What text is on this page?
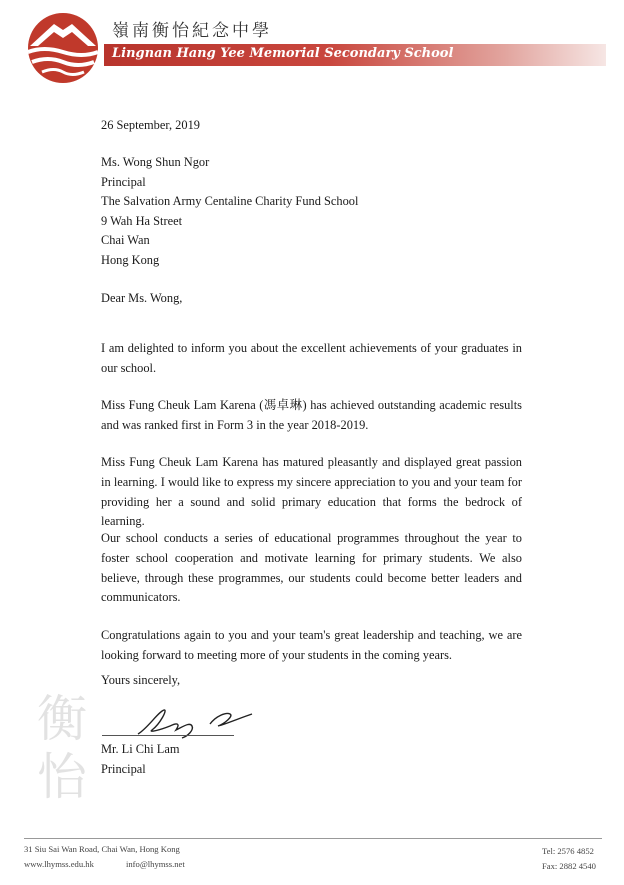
嶺南衡怡紀念中學
Lingnan Hang Yee Memorial Secondary School
衡
怡
26 September, 2019
Ms. Wong Shun Ngor
Principal
The Salvation Army Centaline Charity Fund School
9 Wah Ha Street
Chai Wan
Hong Kong
Dear Ms. Wong,

I am delighted to inform you about the excellent achievements of your graduates in our school.

Miss Fung Cheuk Lam Karena (馮卓琳) has achieved outstanding academic results and was ranked first in Form 3 in the year 2018-2019.

Miss Fung Cheuk Lam Karena has matured pleasantly and displayed great passion in learning. I would like to express my sincere appreciation to you and your team for providing her a sound and solid primary education that forms the bedrock of learning.

Our school conducts a series of educational programmes throughout the year to foster school cooperation and motivate learning for primary students. We also believe, through these programmes, our students could become better leaders and communicators.

Congratulations again to you and your team's great leadership and teaching, we are looking forward to meeting more of your students in the coming years.

Yours sincerely,
Mr. Li Chi Lam
Principal
31 Siu Sai Wan Road, Chai Wan, Hong Kong
www.lhymss.edu.hk	info@lhymss.net
Tel: 2576 4852
Fax: 2882 4540
